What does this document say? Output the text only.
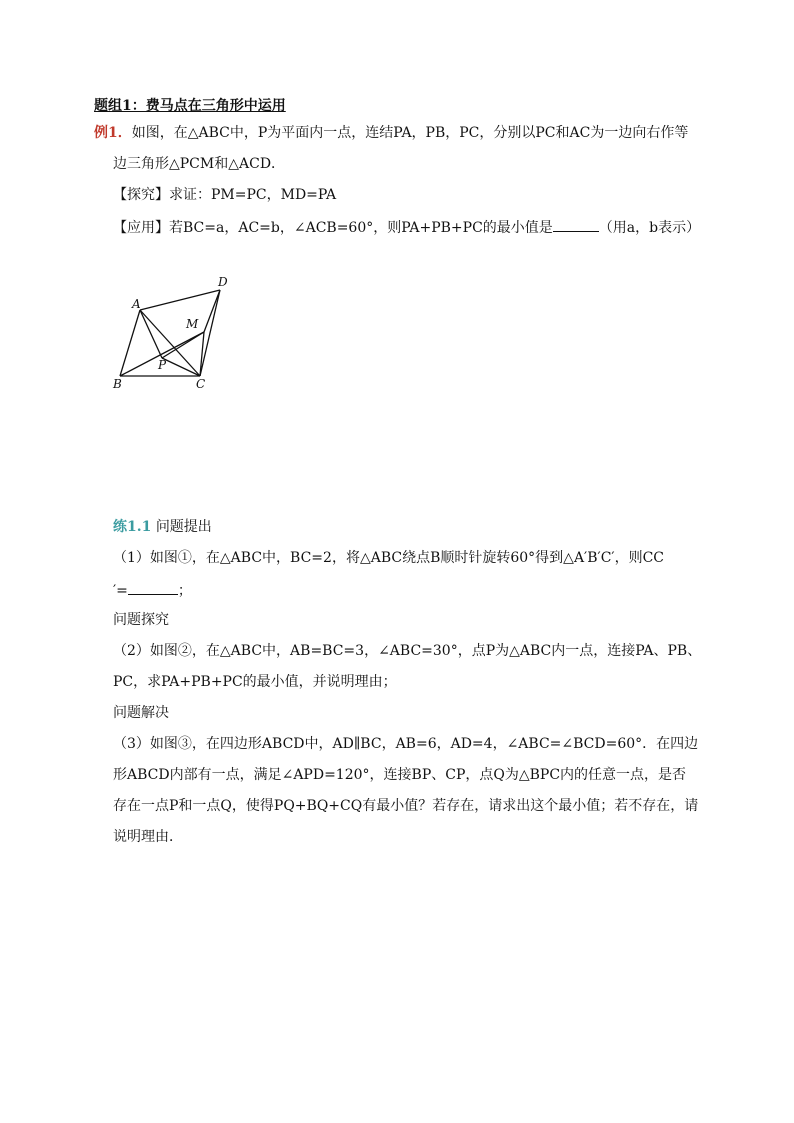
题组1：费马点在三角形中运用
例1．如图，在△ABC中，P为平面内一点，连结PA，PB，PC，分别以PC和AC为一边向右作等
边三角形△PCM和△ACD．
【探究】求证：PM=PC，MD=PA
【应用】若BC=a，AC=b，∠ACB=60°，则PA+PB+PC的最小值是	（用a，b表示）
A
B	C
D
M
P
练1.1 问题提出
（1）如图①，在△ABC中，BC=2，将△ABC绕点B顺时针旋转60°得到△A′B′C′，则CC
′=	；
问题探究
（2）如图②，在△ABC中，AB=BC=3，∠ABC=30°，点P为△ABC内一点，连接PA、PB、
PC，求PA+PB+PC的最小值，并说明理由；
问题解决
（3）如图③，在四边形ABCD中，AD∥BC，AB=6，AD=4，∠ABC=∠BCD=60°．在四边
形ABCD内部有一点，满足∠APD=120°，连接BP、CP，点Q为△BPC内的任意一点，是否
存在一点P和一点Q，使得PQ+BQ+CQ有最小值？若存在，请求出这个最小值；若不存在，请
说明理由．
